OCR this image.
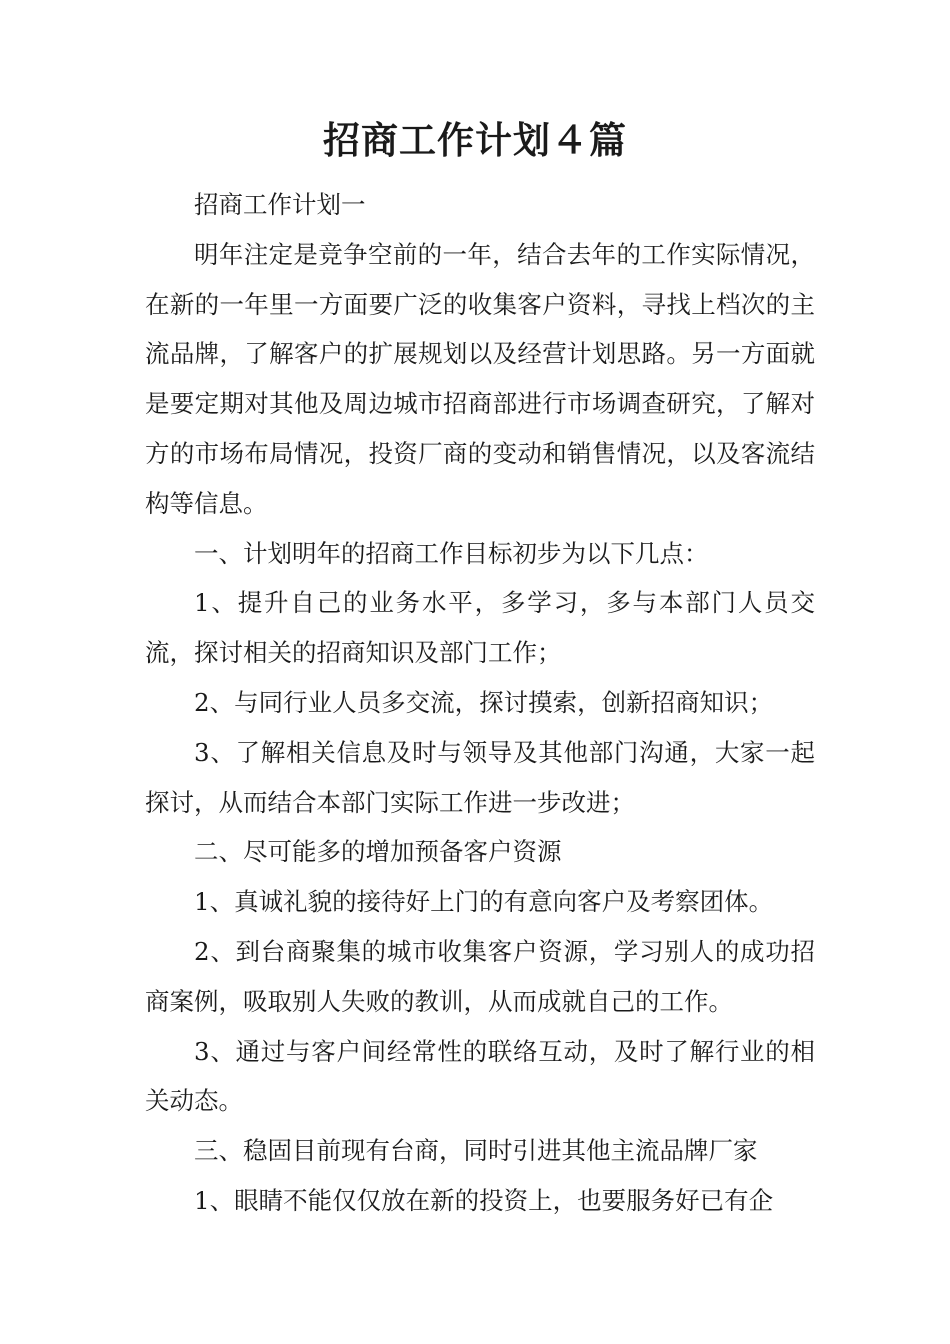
招商工作计划４篇

招商工作计划一

明年注定是竞争空前的一年，结合去年的工作实际情况，在新的一年里一方面要广泛的收集客户资料，寻找上档次的主流品牌，了解客户的扩展规划以及经营计划思路。另一方面就是要定期对其他及周边城市招商部进行市场调查研究，了解对方的市场布局情况，投资厂商的变动和销售情况，以及客流结构等信息。

一、计划明年的招商工作目标初步为以下几点：

1、提升自己的业务水平，多学习，多与本部门人员交流，探讨相关的招商知识及部门工作；

2、与同行业人员多交流，探讨摸索，创新招商知识；

3、了解相关信息及时与领导及其他部门沟通，大家一起探讨，从而结合本部门实际工作进一步改进；

二、尽可能多的增加预备客户资源

1、真诚礼貌的接待好上门的有意向客户及考察团体。

2、到台商聚集的城市收集客户资源，学习别人的成功招商案例，吸取别人失败的教训，从而成就自己的工作。

3、通过与客户间经常性的联络互动，及时了解行业的相关动态。

三、稳固目前现有台商，同时引进其他主流品牌厂家

1、眼睛不能仅仅放在新的投资上，也要服务好已有企
